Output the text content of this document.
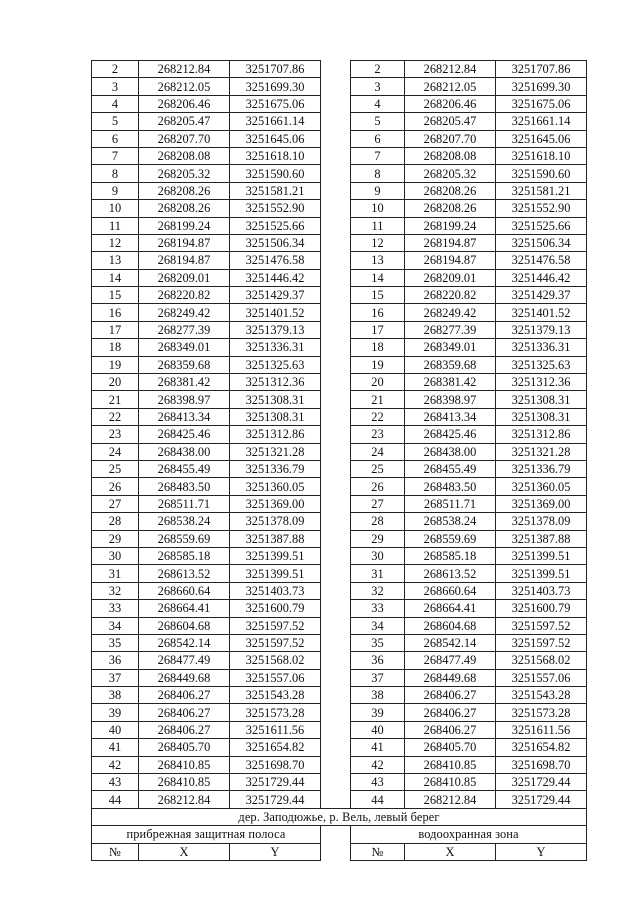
2	268212.84	3251707.86		2	268212.84	3251707.86
3	268212.05	3251699.30		3	268212.05	3251699.30
4	268206.46	3251675.06		4	268206.46	3251675.06
5	268205.47	3251661.14		5	268205.47	3251661.14
6	268207.70	3251645.06		6	268207.70	3251645.06
7	268208.08	3251618.10		7	268208.08	3251618.10
8	268205.32	3251590.60		8	268205.32	3251590.60
9	268208.26	3251581.21		9	268208.26	3251581.21
10	268208.26	3251552.90		10	268208.26	3251552.90
11	268199.24	3251525.66		11	268199.24	3251525.66
12	268194.87	3251506.34		12	268194.87	3251506.34
13	268194.87	3251476.58		13	268194.87	3251476.58
14	268209.01	3251446.42		14	268209.01	3251446.42
15	268220.82	3251429.37		15	268220.82	3251429.37
16	268249.42	3251401.52		16	268249.42	3251401.52
17	268277.39	3251379.13		17	268277.39	3251379.13
18	268349.01	3251336.31		18	268349.01	3251336.31
19	268359.68	3251325.63		19	268359.68	3251325.63
20	268381.42	3251312.36		20	268381.42	3251312.36
21	268398.97	3251308.31		21	268398.97	3251308.31
22	268413.34	3251308.31		22	268413.34	3251308.31
23	268425.46	3251312.86		23	268425.46	3251312.86
24	268438.00	3251321.28		24	268438.00	3251321.28
25	268455.49	3251336.79		25	268455.49	3251336.79
26	268483.50	3251360.05		26	268483.50	3251360.05
27	268511.71	3251369.00		27	268511.71	3251369.00
28	268538.24	3251378.09		28	268538.24	3251378.09
29	268559.69	3251387.88		29	268559.69	3251387.88
30	268585.18	3251399.51		30	268585.18	3251399.51
31	268613.52	3251399.51		31	268613.52	3251399.51
32	268660.64	3251403.73		32	268660.64	3251403.73
33	268664.41	3251600.79		33	268664.41	3251600.79
34	268604.68	3251597.52		34	268604.68	3251597.52
35	268542.14	3251597.52		35	268542.14	3251597.52
36	268477.49	3251568.02		36	268477.49	3251568.02
37	268449.68	3251557.06		37	268449.68	3251557.06
38	268406.27	3251543.28		38	268406.27	3251543.28
39	268406.27	3251573.28		39	268406.27	3251573.28
40	268406.27	3251611.56		40	268406.27	3251611.56
41	268405.70	3251654.82		41	268405.70	3251654.82
42	268410.85	3251698.70		42	268410.85	3251698.70
43	268410.85	3251729.44		43	268410.85	3251729.44
44	268212.84	3251729.44		44	268212.84	3251729.44
дер. Заподюжье, р. Вель, левый берег						
прибрежная защитная полоса				водоохранная зона		
№	X	Y		№	X	Y
